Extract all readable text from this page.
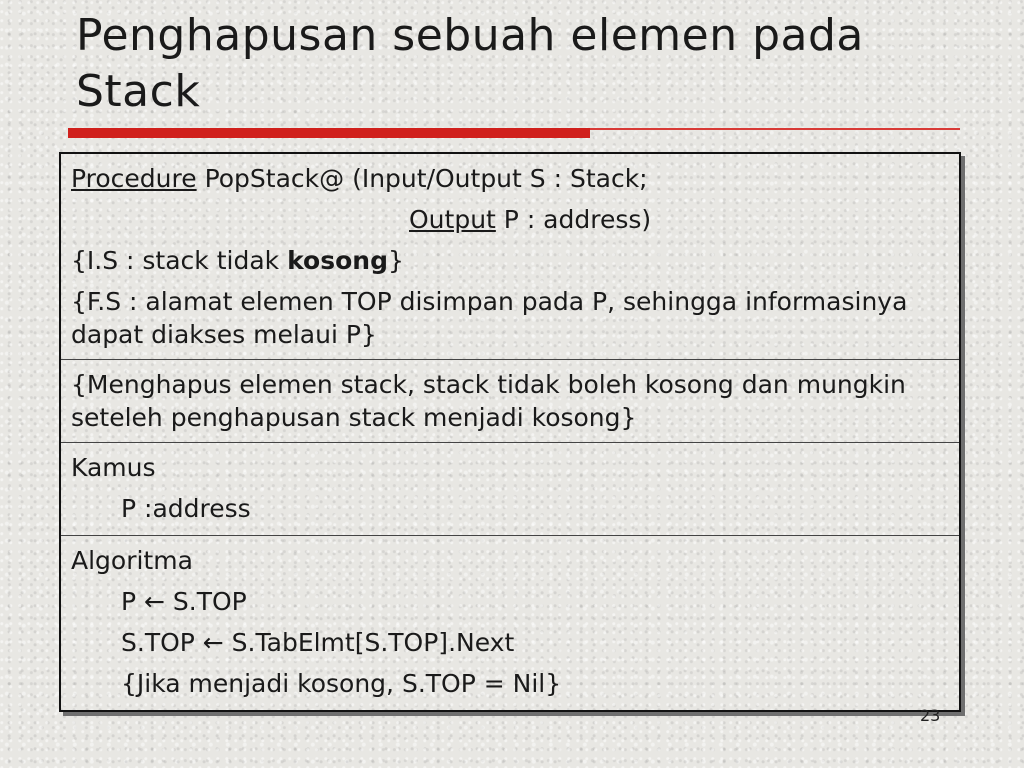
Penghapusan sebuah elemen pada Stack
Procedure PopStack@ (Input/Output S : Stack;
Output P : address)
{I.S : stack tidak kosong}
{F.S : alamat elemen TOP disimpan pada P, sehingga informasinya dapat diakses melaui P}
{Menghapus elemen stack, stack tidak boleh kosong dan mungkin seteleh penghapusan stack menjadi kosong}
Kamus
P :address
Algoritma
P ← S.TOP
S.TOP ← S.TabElmt[S.TOP].Next
{Jika menjadi kosong, S.TOP = Nil}
23
